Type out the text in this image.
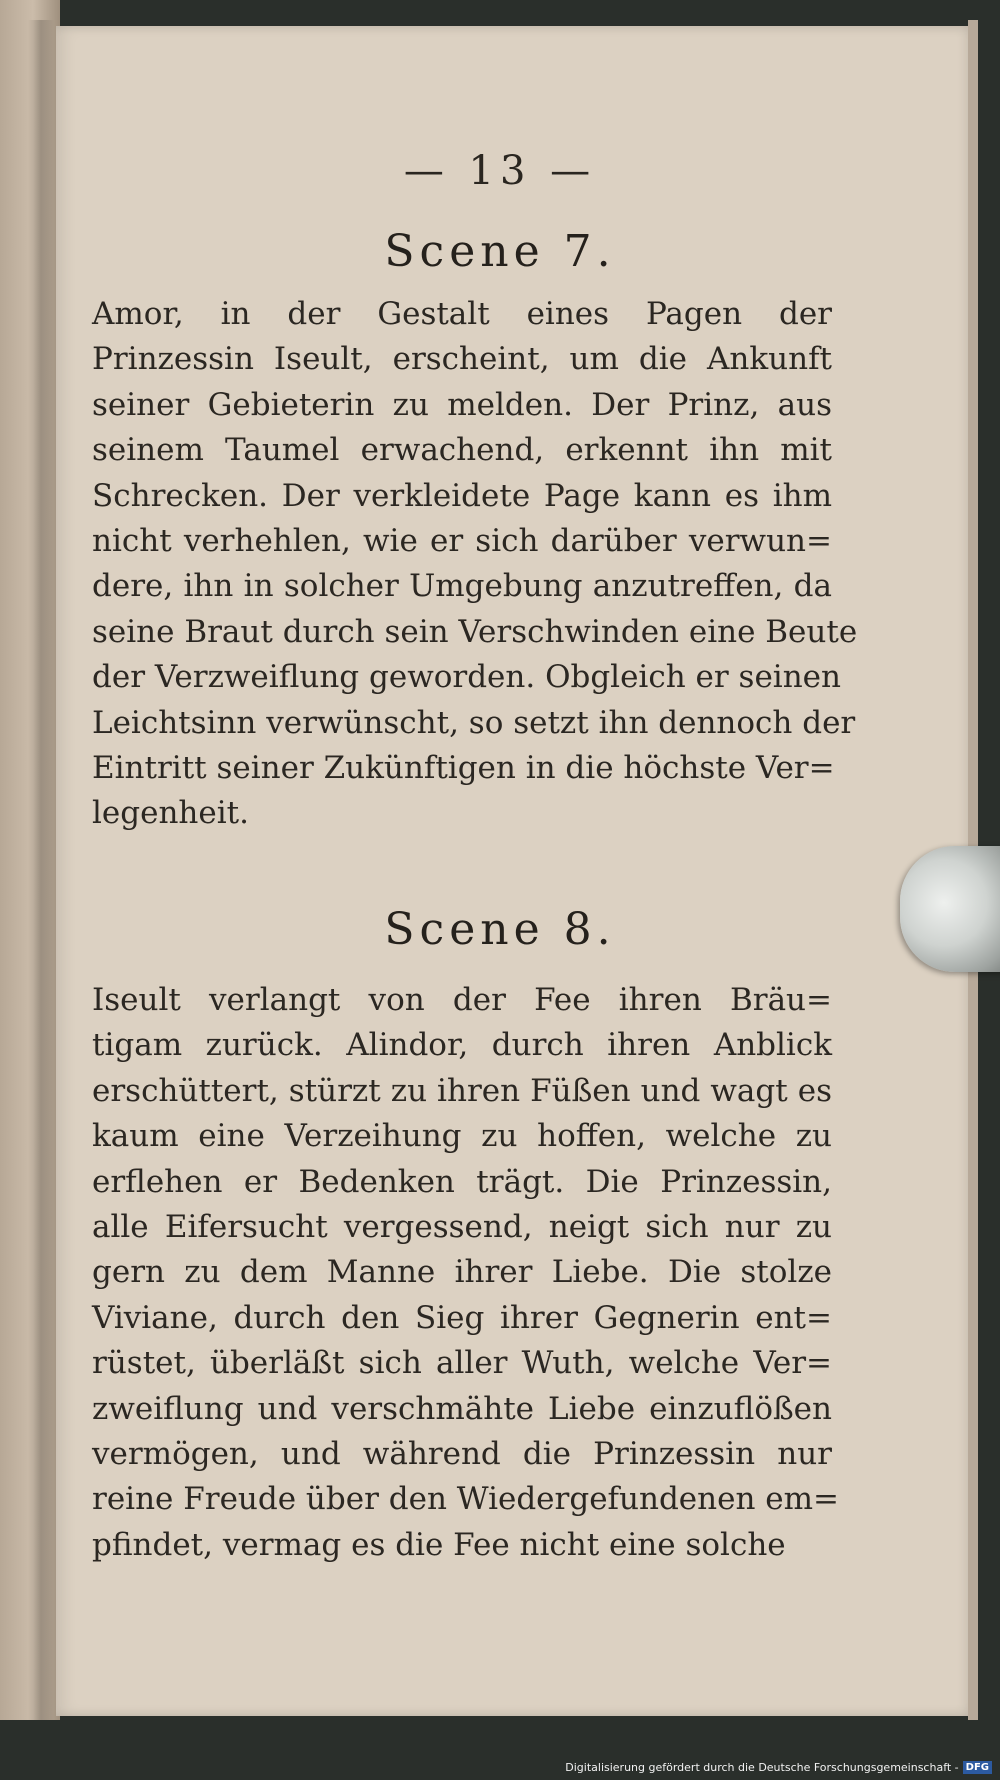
— 13 —
Scene 7.

Amor, in der Gestalt eines Pagen der
Prinzessin Iseult, erscheint, um die Ankunft
seiner Gebieterin zu melden. Der Prinz, aus
seinem Taumel erwachend, erkennt ihn mit
Schrecken. Der verkleidete Page kann es ihm
nicht verhehlen, wie er sich darüber verwun=
dere, ihn in solcher Umgebung anzutreffen, da
seine Braut durch sein Verschwinden eine Beute
der Verzweiflung geworden. Obgleich er seinen
Leichtsinn verwünscht, so setzt ihn dennoch der
Eintritt seiner Zukünftigen in die höchste Ver=
legenheit.

Scene 8.

Iseult verlangt von der Fee ihren Bräu=
tigam zurück. Alindor, durch ihren Anblick
erschüttert, stürzt zu ihren Füßen und wagt es
kaum eine Verzeihung zu hoffen, welche zu
erflehen er Bedenken trägt. Die Prinzessin,
alle Eifersucht vergessend, neigt sich nur zu
gern zu dem Manne ihrer Liebe. Die stolze
Viviane, durch den Sieg ihrer Gegnerin ent=
rüstet, überläßt sich aller Wuth, welche Ver=
zweiflung und verschmähte Liebe einzuflößen
vermögen, und während die Prinzessin nur
reine Freude über den Wiedergefundenen em=
pfindet, vermag es die Fee nicht eine solche

Digitalisierung gefördert durch die Deutsche Forschungsgemeinschaft - DFG
